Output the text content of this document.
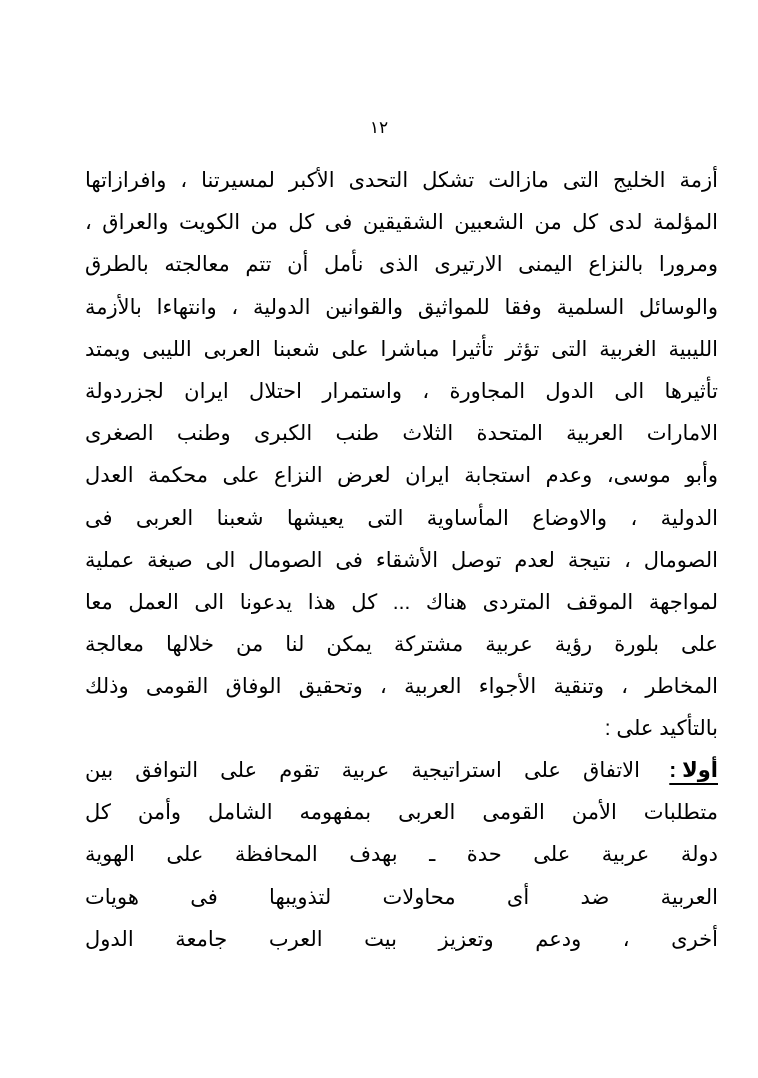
١٢
أزمة الخليج التى مازالت تشكل التحدى الأكبر لمسيرتنا ، وافرازاتها
المؤلمة لدى كل من الشعبين الشقيقين فى كل من الكويت والعراق ،
ومرورا بالنزاع اليمنى الارتيرى الذى نأمل أن تتم معالجته بالطرق
والوسائل السلمية وفقا للمواثيق والقوانين الدولية ، وانتهاءا بالأزمة
الليبية الغربية التى تؤثر تأثيرا مباشرا على شعبنا العربى الليبى ويمتد
تأثيرها الى الدول المجاورة ، واستمرار احتلال ايران لجزردولة
الامارات العربية المتحدة الثلاث طنب الكبرى وطنب الصغرى
وأبو موسى، وعدم استجابة ايران لعرض النزاع على محكمة العدل
الدولية ، والاوضاع المأساوية التى يعيشها شعبنا العربى فى
الصومال ، نتيجة لعدم توصل الأشقاء فى الصومال الى صيغة عملية
لمواجهة الموقف المتردى هناك ... كل هذا يدعونا الى العمل معا
على بلورة رؤية عربية مشتركة يمكن لنا من خلالها معالجة
المخاطر ، وتنقية الأجواء العربية ، وتحقيق الوفاق القومى وذلك
بالتأكيد على :
أولا :
الاتفاق على استراتيجية عربية تقوم على التوافق بين
متطلبات الأمن القومى العربى بمفهومه الشامل وأمن كل
دولة عربية على حدة ـ بهدف المحافظة على الهوية
العربية ضد أى محاولات لتذويبها فى هويات
أخرى ، ودعم وتعزيز بيت العرب جامعة الدول
